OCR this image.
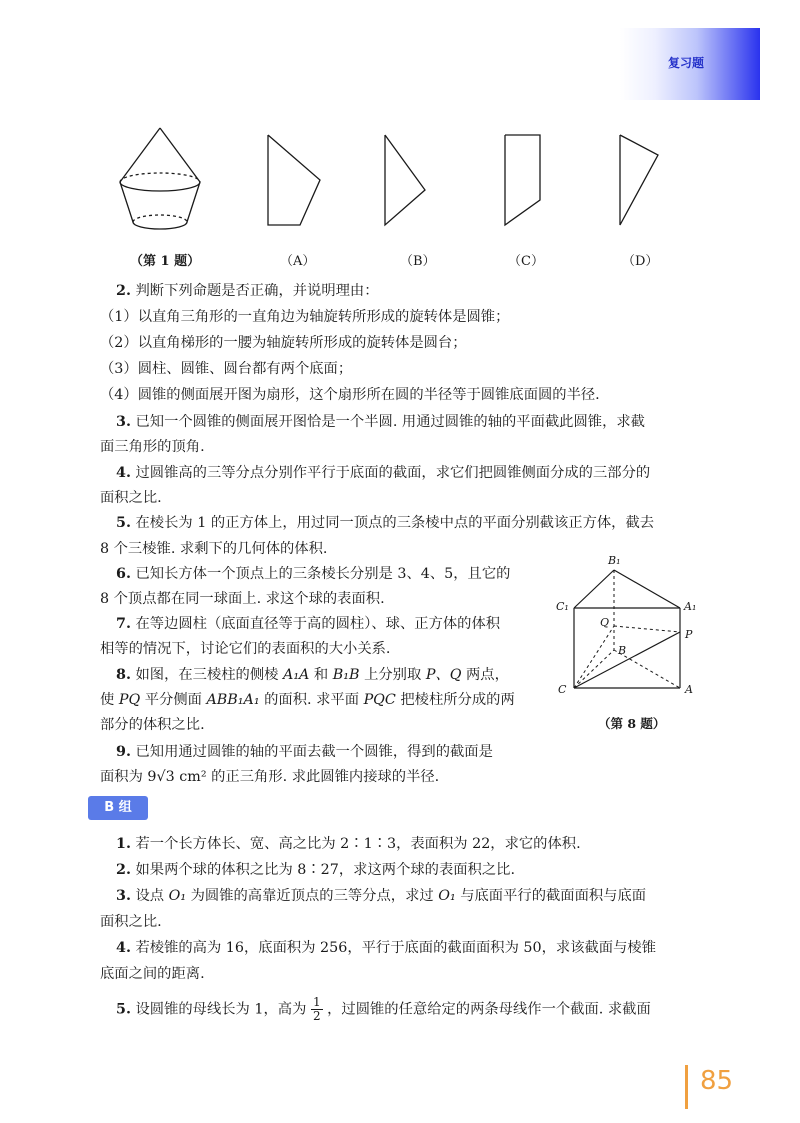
复习题
（第 1 题）	（A）	（B）	（C）	（D）
2. 判断下列命题是否正确，并说明理由：
（1）以直角三角形的一直角边为轴旋转所形成的旋转体是圆锥；
（2）以直角梯形的一腰为轴旋转所形成的旋转体是圆台；
（3）圆柱、圆锥、圆台都有两个底面；
（4）圆锥的侧面展开图为扇形，这个扇形所在圆的半径等于圆锥底面圆的半径.
3. 已知一个圆锥的侧面展开图恰是一个半圆. 用通过圆锥的轴的平面截此圆锥，求截
面三角形的顶角.
4. 过圆锥高的三等分点分别作平行于底面的截面，求它们把圆锥侧面分成的三部分的
面积之比.
5. 在棱长为 1 的正方体上，用过同一顶点的三条棱中点的平面分别截该正方体，截去
8 个三棱锥. 求剩下的几何体的体积.
6. 已知长方体一个顶点上的三条棱长分别是 3、4、5，且它的
8 个顶点都在同一球面上. 求这个球的表面积.
7. 在等边圆柱（底面直径等于高的圆柱）、球、正方体的体积
相等的情况下，讨论它们的表面积的大小关系.
8. 如图，在三棱柱的侧棱 A₁A 和 B₁B 上分别取 P、Q 两点，
使 PQ 平分侧面 ABB₁A₁ 的面积. 求平面 PQC 把棱柱所分成的两
部分的体积之比.
9. 已知用通过圆锥的轴的平面去截一个圆锥，得到的截面是
面积为 9√3 cm² 的正三角形. 求此圆锥内接球的半径.
B₁
C₁	A₁
Q
P
B
C	A
（第 8 题）
B 组
1. 若一个长方体长、宽、高之比为 2∶1∶3，表面积为 22，求它的体积.
2. 如果两个球的体积之比为 8∶27，求这两个球的表面积之比.
3. 设点 O₁ 为圆锥的高靠近顶点的三等分点，求过 O₁ 与底面平行的截面面积与底面
面积之比.
4. 若棱锥的高为 16，底面积为 256，平行于底面的截面面积为 50，求该截面与棱锥
底面之间的距离.
5. 设圆锥的母线长为 1，高为 $\frac{1}{2}$ ，过圆锥的任意给定的两条母线作一个截面. 求截面
85
